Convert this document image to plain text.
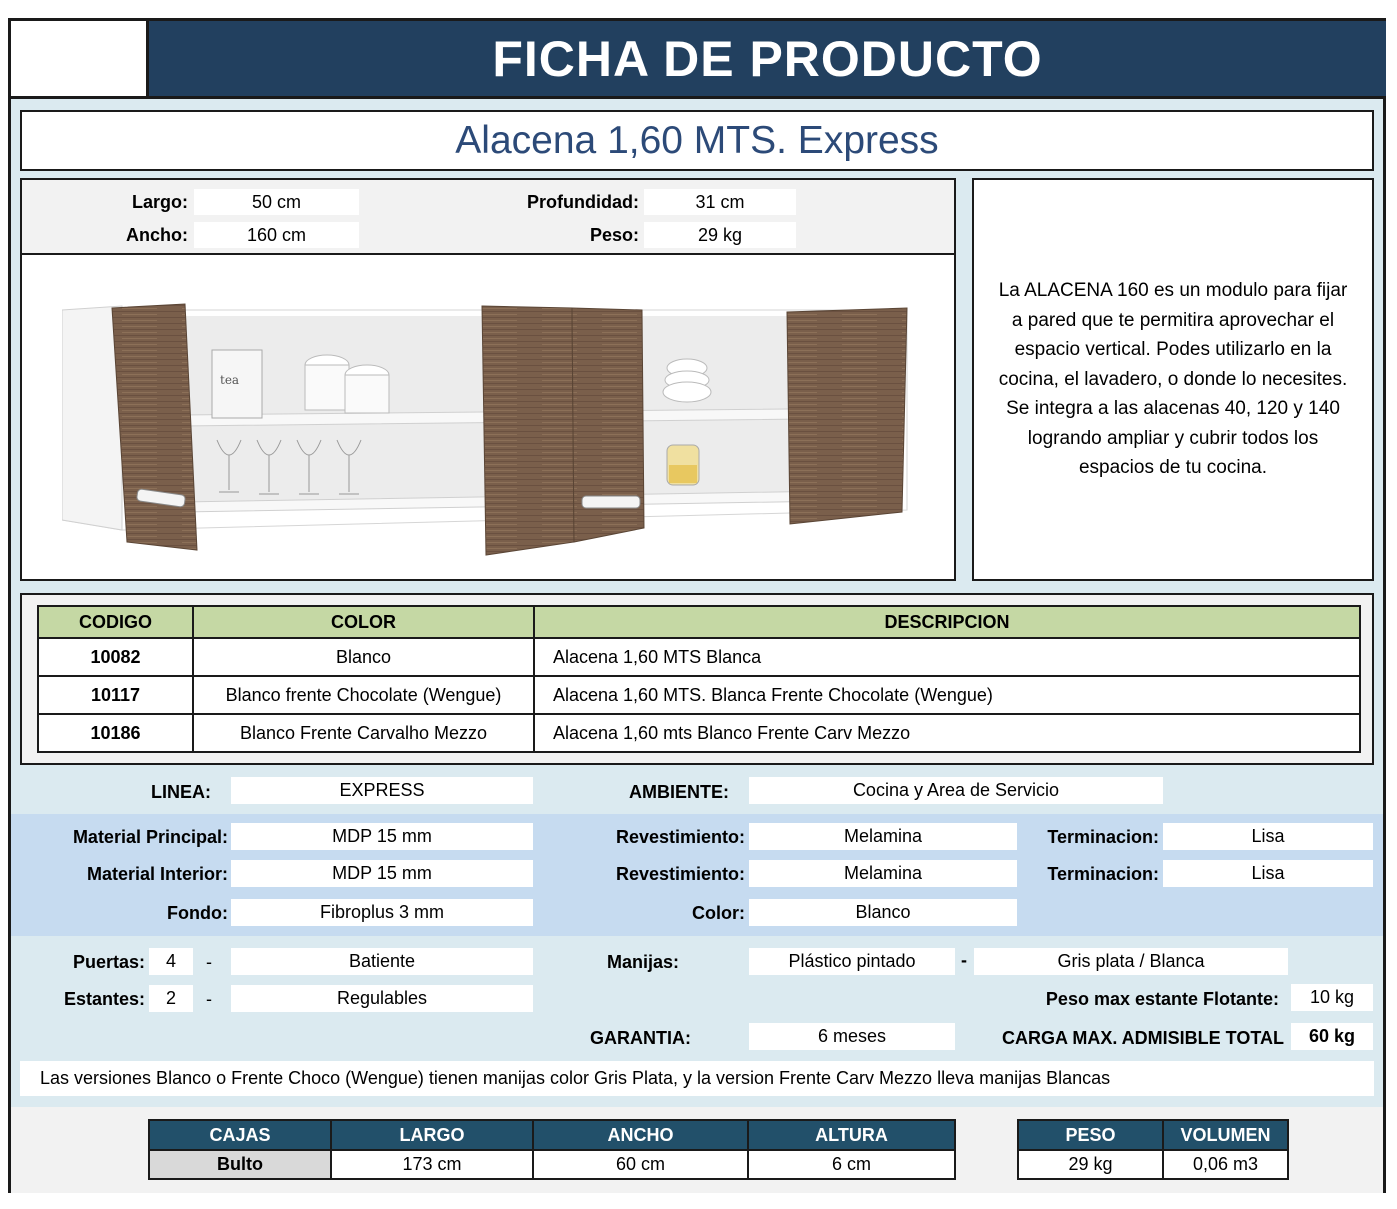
FICHA DE PRODUCTO
Alacena 1,60 MTS. Express
Largo:	50 cm
Ancho:	160 cm
Profundidad:	31 cm
Peso:	29 kg
tea

La ALACENA 160 es un modulo para fijar a pared que te permitira aprovechar el espacio vertical. Podes utilizarlo en la cocina, el lavadero, o donde lo necesites. Se integra a las alacenas 40, 120 y 140 logrando ampliar y cubrir todos los espacios de tu cocina.

CODIGO	COLOR	DESCRIPCION
10082	Blanco	Alacena 1,60 MTS Blanca
10117	Blanco frente Chocolate (Wengue)	Alacena 1,60 MTS. Blanca Frente Chocolate (Wengue)
10186	Blanco Frente Carvalho Mezzo	Alacena 1,60 mts Blanco Frente Carv Mezzo
LINEA:	EXPRESS	AMBIENTE:	Cocina y Area de Servicio
Material Principal:	MDP 15 mm	Revestimiento:	Melamina	Terminacion:	Lisa
Material Interior:	MDP 15 mm	Revestimiento:	Melamina	Terminacion:	Lisa
Fondo:	Fibroplus 3 mm	Color:	Blanco
Puertas:	4	-	Batiente
Estantes:	2	-	Regulables
Manijas:	Plástico pintado	-	Gris plata / Blanca
Peso max estante Flotante:	10 kg
GARANTIA:	6 meses	CARGA MAX. ADMISIBLE TOTAL	60 kg
Las versiones Blanco o Frente Choco (Wengue) tienen manijas color Gris Plata, y la version Frente Carv Mezzo lleva manijas Blancas
CAJAS	LARGO	ANCHO	ALTURA
Bulto	173 cm	60 cm	6 cm
PESO	VOLUMEN
29 kg	0,06 m3
